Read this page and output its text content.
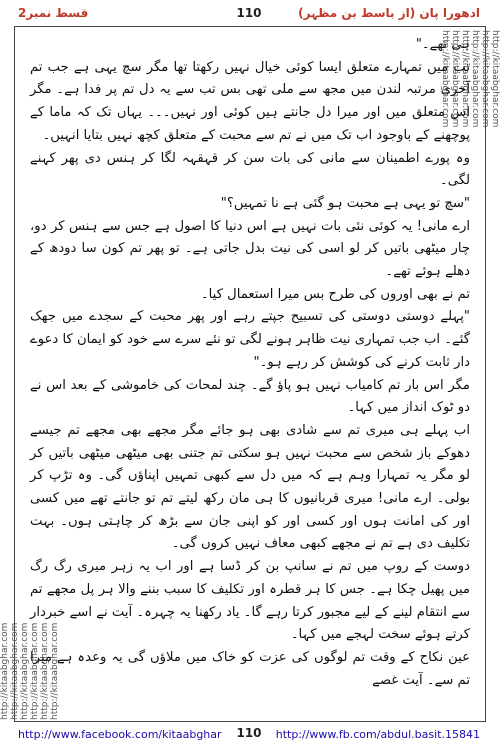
قسط نمبر2	110	ادھورا پان (از باسط بن مظہر)
http://kitaabghar.com http://kitaabghar.com http://kitaabghar.com http://kitaabghar.com http://kitaabghar.com http://kitaabghar.com
http://kitaabghar.com
http://kitaabghar.com
http://kitaabghar.com
http://kitaabghar.com
http://kitaabghar.com
http://kitaabghar.com

ہی تھے۔"

تب میں تمہارے متعلق ایسا کوئی خیال نہیں رکھتا تھا مگر سچ یہی ہے جب تم آخری مرتبہ لندن میں مجھ سے ملی تھی بس تب سے یہ دل تم پر فدا ہے۔ مگر اس متعلق میں اور میرا دل جانتے ہیں کوئی اور نہیں۔۔۔ یہاں تک کہ ماما کے پوچھنے کے باوجود اب تک میں نے تم سے محبت کے متعلق کچھ نہیں بتایا انہیں۔

وہ پورے اطمینان سے مانی کی بات سن کر قہقہہ لگا کر ہنس دی پھر کہنے لگی۔

"سچ تو یہی ہے محبت ہو گئی ہے نا تمہیں؟"

ارے مانی! یہ کوئی نئی بات نہیں ہے اس دنیا کا اصول ہے جس سے ہنس کر دو، چار میٹھی باتیں کر لو اسی کی نیت بدل جاتی ہے۔ تو پھر تم کون سا دودھ کے دھلے ہوئے تھے۔

تم نے بھی اوروں کی طرح بس میرا استعمال کیا۔

"پہلے دوستی دوستی کی تسبیح جپتے رہے اور پھر محبت کے سجدے میں جھک گئے۔ اب جب تمہاری نیت ظاہر ہونے لگی تو نئے سرے سے خود کو ایمان کا دعوے دار ثابت کرنے کی کوشش کر رہے ہو۔"

مگر اس بار تم کامیاب نہیں ہو پاؤ گے۔ چند لمحات کی خاموشی کے بعد اس نے دو ٹوک انداز میں کہا۔

اب پہلے ہی میری تم سے شادی بھی ہو جائے مگر مجھے بھی مجھے تم جیسے دھوکے باز شخص سے محبت نہیں ہو سکتی تم جتنی بھی میٹھی میٹھی باتیں کر لو مگر یہ تمہارا وہم ہے کہ میں دل سے کبھی تمہیں اپناؤں گی۔ وہ تڑپ کر بولی۔ ارے مانی! میری قربانیوں کا ہی مان رکھ لیتے تم تو جانتے تھے میں کسی اور کی امانت ہوں اور کسی اور کو اپنی جان سے بڑھ کر چاہتی ہوں۔ بہت تکلیف دی ہے تم نے مجھے کبھی معاف نہیں کروں گی۔

دوست کے روپ میں تم نے سانپ بن کر ڈسا ہے اور اب یہ زہر میری رگ رگ میں پھیل چکا ہے۔ جس کا ہر قطرہ اور تکلیف کا سبب بننے والا ہر پل مجھے تم سے انتقام لینے کے لیے مجبور کرتا رہے گا۔ یاد رکھنا یہ چہرہ۔ آیت نے اسے خبردار کرتے ہوئے سخت لہجے میں کہا۔

عین نکاح کے وقت تم لوگوں کی عزت کو خاک میں ملاؤں گی یہ وعدہ ہے میرا تم سے۔ آیت غصے

http://www.facebook.com/kitaabghar	110	http://www.fb.com/abdul.basit.15841
